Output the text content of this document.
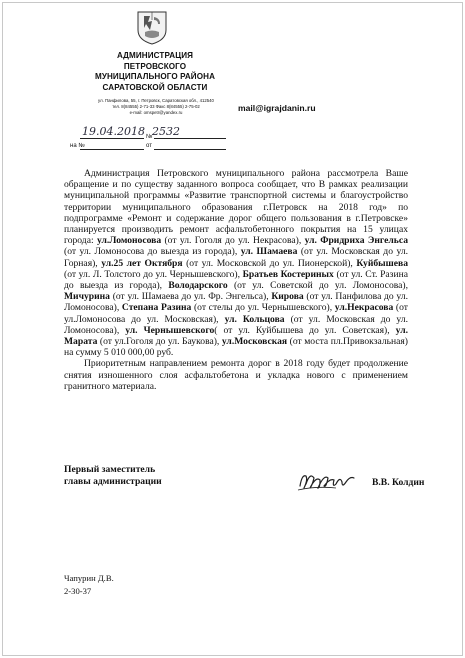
АДМИНИСТРАЦИЯ
ПЕТРОВСКОГО
МУНИЦИПАЛЬНОГО РАЙОНА
САРАТОВСКОЙ ОБЛАСТИ
ул. Панфилова, 55, г. Петровск, Саратовская обл., 412540
тел. 8(84555) 2-71-33 Факс 8(84555) 2-75-02
e-mail: omsрetr@yandex.ru	mail@igrajdanin.ru
19.04.2018 № 2532
на №	от

Администрация Петровского муниципального района рассмотрела Ваше обращение и по существу заданного вопроса сообщает, что В рамках реализации муниципальной программы «Развитие транспортной системы и благоустройство территории муниципального образования г.Петровск на 2018 год» по подпрограмме «Ремонт и содержание дорог общего пользования в г.Петровске» планируется производить ремонт асфальтобетонного покрытия на 15 улицах города: ул.Ломоносова (от ул. Гоголя до ул. Некрасова), ул. Фридриха Энгельса (от ул. Ломоносова до выезда из города), ул. Шамаева (от ул. Московская до ул. Горная), ул.25 лет Октября (от ул. Московской до ул. Пионерской), Куйбышева (от ул. Л. Толстого до ул. Чернышевского), Братьев Костериных (от ул. Ст. Разина до выезда из города), Володарского (от ул. Советской до ул. Ломоносова), Мичурина (от ул. Шамаева до ул. Фр. Энгельса), Кирова (от ул. Панфилова до ул. Ломоносова), Степана Разина (от стелы до ул. Чернышевского), ул.Некрасова (от ул.Ломоносова до ул. Московская), ул. Кольцова (от ул. Московская до ул. Ломоносова), ул. Чернышевского( от ул. Куйбышева до ул. Советская), ул. Марата (от ул.Гоголя до ул. Баукова), ул.Московская (от моста пл.Привокзальная) на сумму 5 010 000,00 руб.

Приоритетным направлением ремонта дорог в 2018 году будет продолжение снятия изношенного слоя асфальтобетона и укладка нового с применением гранитного материала.

Первый заместитель
главы администрации	В.В. Колдин
Чапурин Д.В.
2-30-37
